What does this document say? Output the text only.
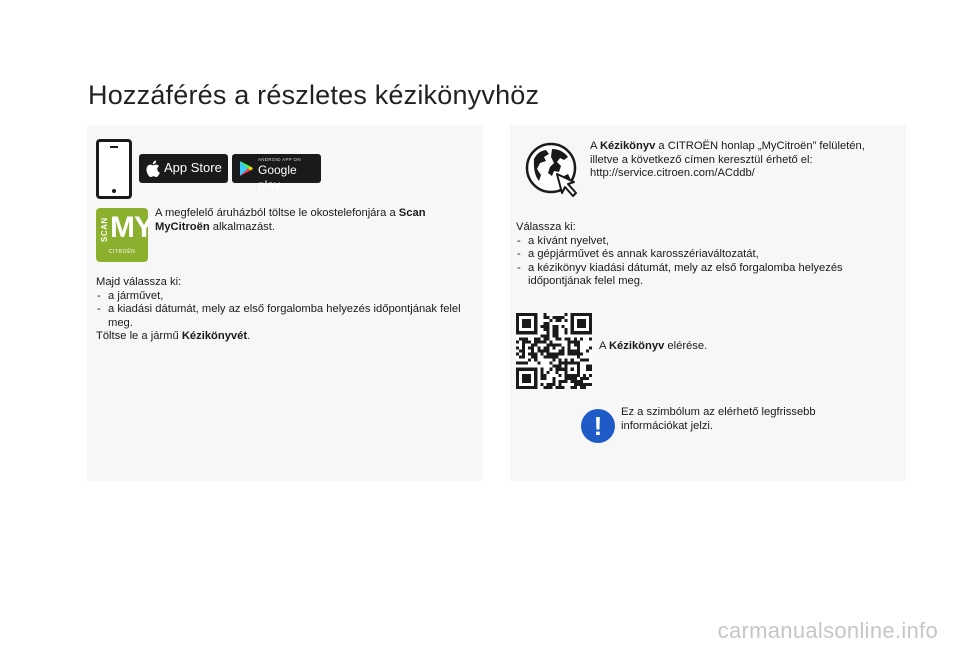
Hozzáférés a részletes kézikönyvhöz
App Store
ANDROID APP ON
Google play
SCAN MY
CITROËN
A megfelelő áruházból töltse le okostelefonjára a Scan MyCitroën alkalmazást.
Majd válassza ki:
- a járművet,
- a kiadási dátumát, mely az első forgalomba helyezés időpontjának felel meg.
Töltse le a jármű Kézikönyvét.
A Kézikönyv a CITROËN honlap „MyCitroën” felületén, illetve a következő címen keresztül érhető el:
http://service.citroen.com/ACddb/
Válassza ki:
- a kívánt nyelvet,
- a gépjárművet és annak karosszériaváltozatát,
- a kézikönyv kiadási dátumát, mely az első forgalomba helyezés időpontjának felel meg.
A Kézikönyv elérése.
!	Ez a szimbólum az elérhető legfrissebb információkat jelzi.
carmanualsonline.info
